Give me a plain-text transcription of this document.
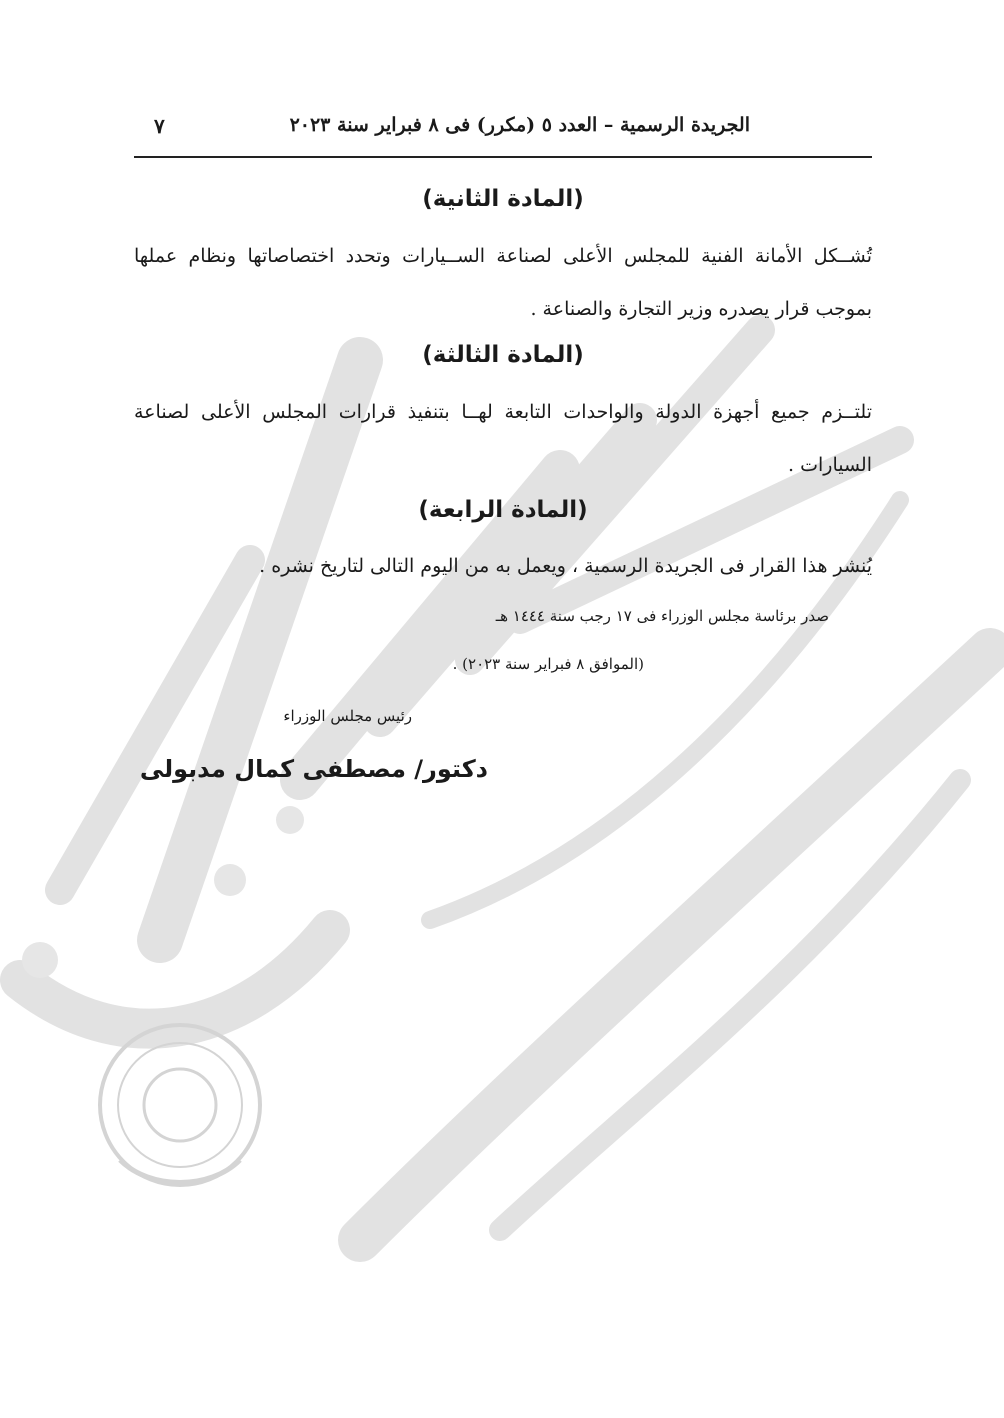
الجريدة الرسمية – العدد ٥ (مكرر) فى ٨ فبراير سنة ٢٠٢٣
٧
(المادة الثانية)
تُشــكل الأمانة الفنية للمجلس الأعلى لصناعة الســيارات وتحدد اختصاصاتها ونظام عملها بموجب قرار يصدره وزير التجارة والصناعة .
(المادة الثالثة)
تلتــزم جميع أجهزة الدولة والواحدات التابعة لهــا بتنفيذ قرارات المجلس الأعلى لصناعة السيارات .
(المادة الرابعة)
يُنشر هذا القرار فى الجريدة الرسمية ، ويعمل به من اليوم التالى لتاريخ نشره .
صدر برئاسة مجلس الوزراء فى ١٧ رجب سنة ١٤٤٤ هـ
(الموافق ٨ فبراير سنة ٢٠٢٣) .
رئيس مجلس الوزراء
دكتور/ مصطفى كمال مدبولى
